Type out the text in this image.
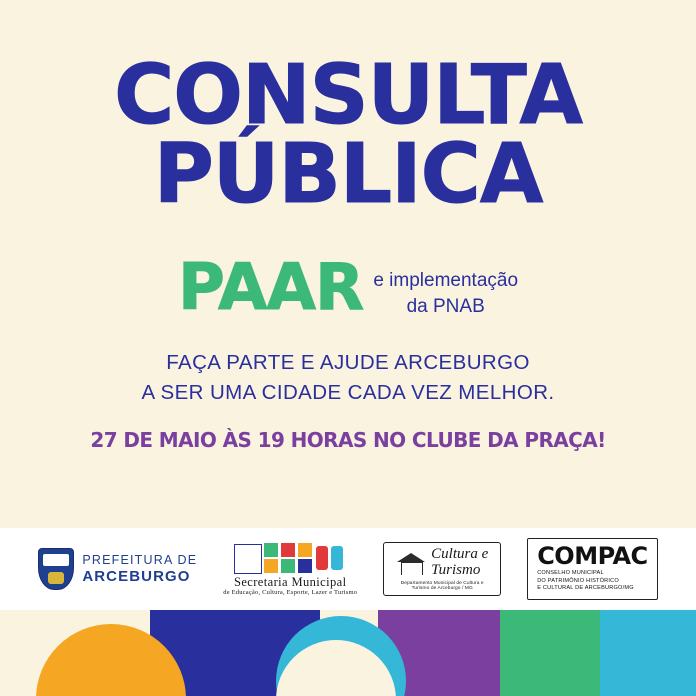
CONSULTA
PÚBLICA
PAAR e implementação
da PNAB
FAÇA PARTE E AJUDE ARCEBURGO
A SER UMA CIDADE CADA VEZ MELHOR.
27 DE MAIO ÀS 19 HORAS NO CLUBE DA PRAÇA!
PREFEITURA DE
ARCEBURGO	Secretaria Municipal
de Educação, Cultura, Esporte, Lazer e Turismo
Cultura e
Turismo
Departamento Municipal de Cultura e Turismo de Arceburgo / MG
COMPAC
CONSELHO MUNICIPAL
DO PATRIMÔNIO HISTÓRICO
E CULTURAL DE ARCEBURGO/MG
